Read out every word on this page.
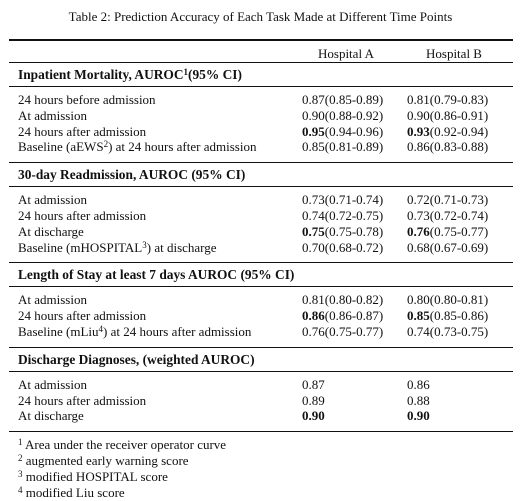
Table 2: Prediction Accuracy of Each Task Made at Different Time Points
Hospital A	Hospital B
Inpatient Mortality, AUROC$^1$(95% CI)
24 hours before admission	0.87(0.85-0.89) 0.81(0.79-0.83)
At admission	0.90(0.88-0.92) 0.90(0.86-0.91)
24 hours after admission	0.95(0.94-0.96) 0.93(0.92-0.94)
Baseline (aEWS$^2$) at 24 hours after admission	0.85(0.81-0.89) 0.86(0.83-0.88)
30-day Readmission, AUROC (95% CI)
At admission	0.73(0.71-0.74) 0.72(0.71-0.73)
24 hours after admission	0.74(0.72-0.75) 0.73(0.72-0.74)
At discharge	0.75(0.75-0.78) 0.76(0.75-0.77)
Baseline (mHOSPITAL$^3$) at discharge	0.70(0.68-0.72) 0.68(0.67-0.69)
Length of Stay at least 7 days AUROC (95% CI)
At admission	0.81(0.80-0.82) 0.80(0.80-0.81)
24 hours after admission	0.86(0.86-0.87) 0.85(0.85-0.86)
Baseline (mLiu$^4$) at 24 hours after admission	0.76(0.75-0.77) 0.74(0.73-0.75)
Discharge Diagnoses, (weighted AUROC)
At admission	0.87	0.86
24 hours after admission	0.89	0.88
At discharge	0.90	0.90
$^1$ Area under the receiver operator curve
$^2$ augmented early warning score
$^3$ modified HOSPITAL score
$^4$ modified Liu score
